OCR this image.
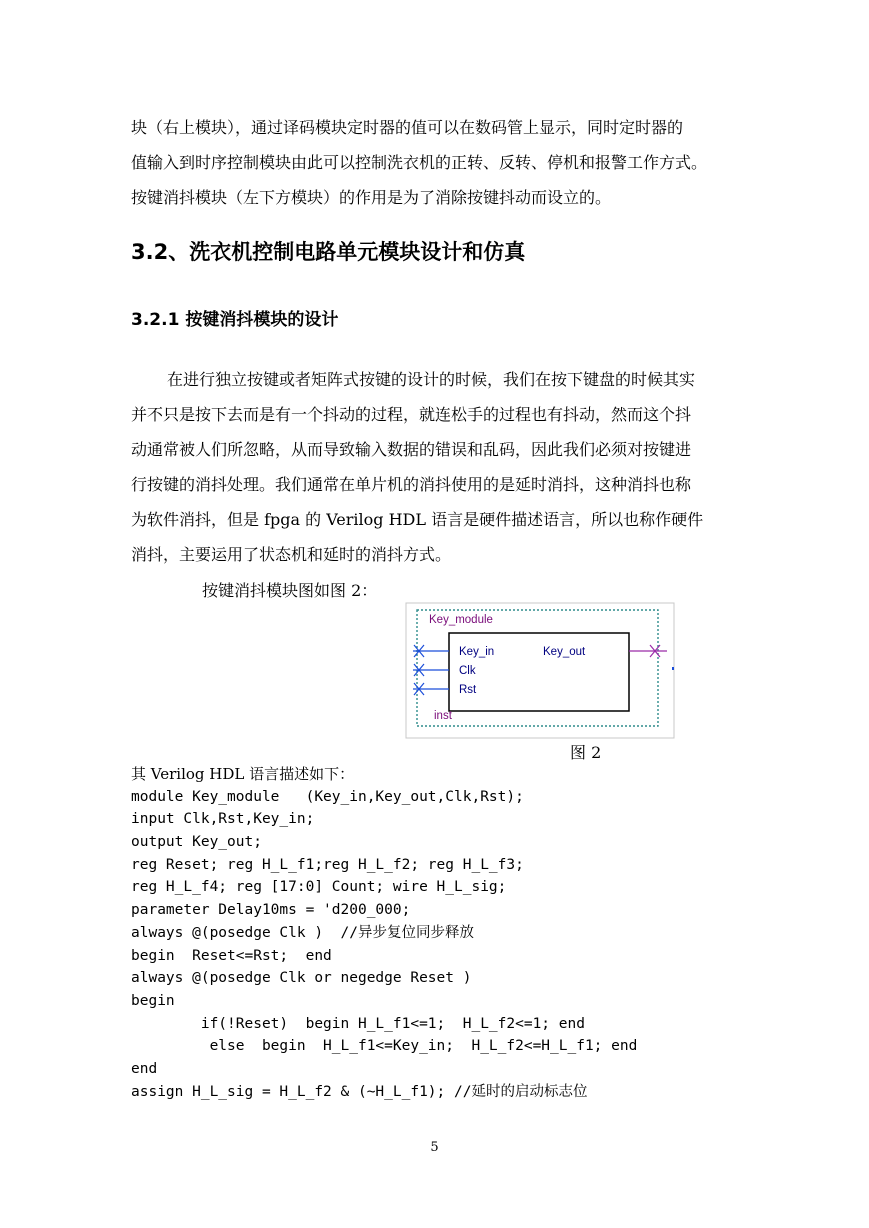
块（右上模块），通过译码模块定时器的值可以在数码管上显示，同时定时器的

值输入到时序控制模块由此可以控制洗衣机的正转、反转、停机和报警工作方式。

按键消抖模块（左下方模块）的作用是为了消除按键抖动而设立的。

3.2、洗衣机控制电路单元模块设计和仿真
3.2.1 按键消抖模块的设计

在进行独立按键或者矩阵式按键的设计的时候，我们在按下键盘的时候其实

并不只是按下去而是有一个抖动的过程，就连松手的过程也有抖动，然而这个抖

动通常被人们所忽略，从而导致输入数据的错误和乱码，因此我们必须对按键进

行按键的消抖处理。我们通常在单片机的消抖使用的是延时消抖，这种消抖也称

为软件消抖，但是 fpga 的 Verilog HDL 语言是硬件描述语言，所以也称作硬件

消抖，主要运用了状态机和延时的消抖方式。

按键消抖模块图如图 2：
Key_module
Key_in
Clk
Rst
Key_out
inst
图 2
其 Verilog HDL 语言描述如下：
module Key_module   (Key_in,Key_out,Clk,Rst);
input Clk,Rst,Key_in;
output Key_out;
reg Reset; reg H_L_f1;reg H_L_f2; reg H_L_f3;
reg H_L_f4; reg [17:0] Count; wire H_L_sig;
parameter Delay10ms = 'd200_000;
always @(posedge Clk )  //异步复位同步释放
begin  Reset<=Rst;  end
always @(posedge Clk or negedge Reset )
begin
if(!Reset)  begin H_L_f1<=1;  H_L_f2<=1; end
else  begin  H_L_f1<=Key_in;  H_L_f2<=H_L_f1; end
end
assign H_L_sig = H_L_f2 & (~H_L_f1); //延时的启动标志位
5
